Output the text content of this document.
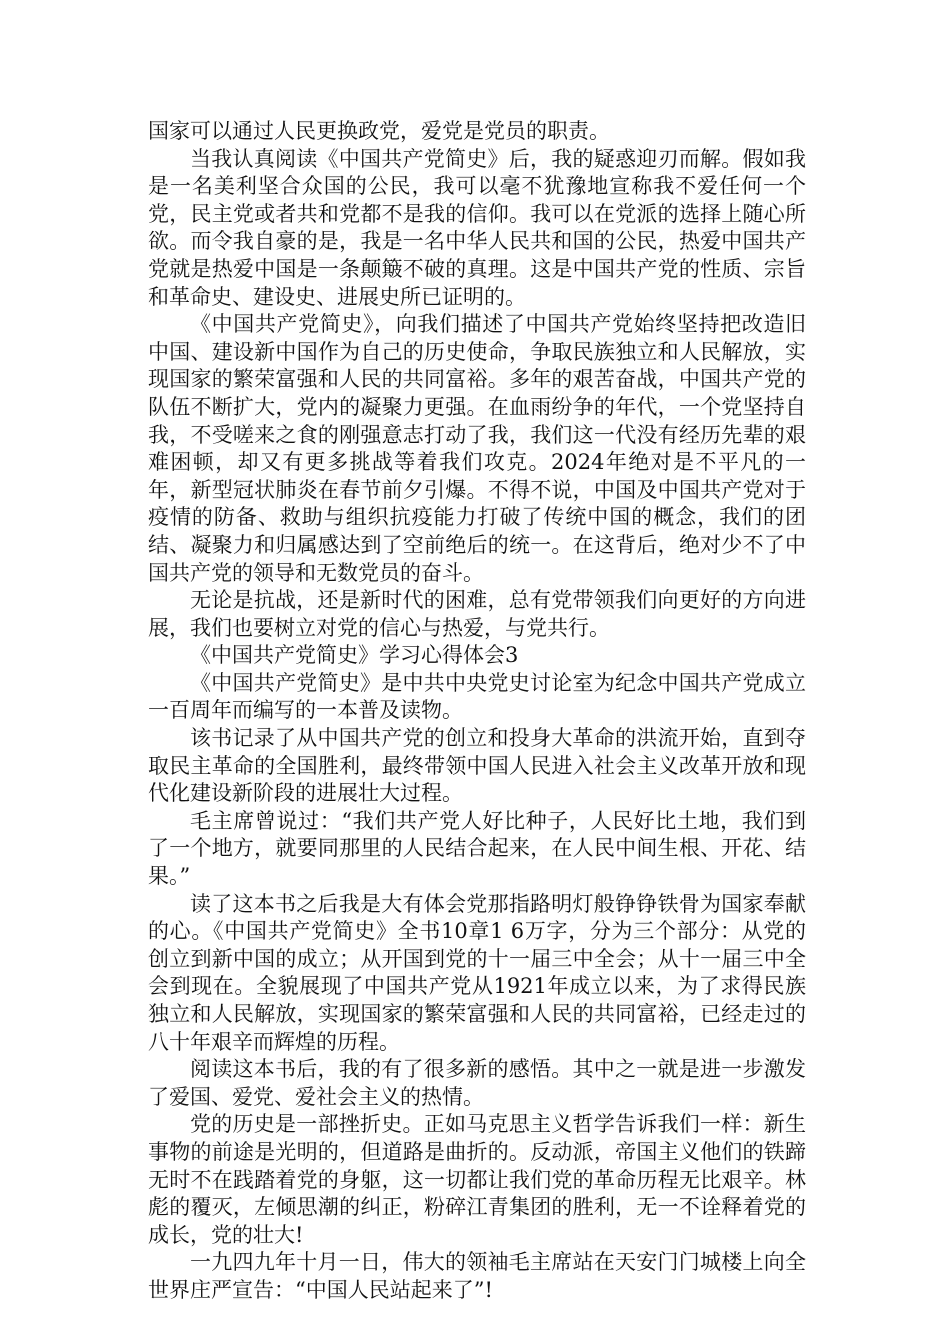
国家可以通过人民更换政党，爱党是党员的职责。

当我认真阅读《中国共产党简史》后，我的疑惑迎刃而解。假如我是一名美利坚合众国的公民，我可以毫不犹豫地宣称我不爱任何一个党，民主党或者共和党都不是我的信仰。我可以在党派的选择上随心所欲。而令我自豪的是，我是一名中华人民共和国的公民，热爱中国共产党就是热爱中国是一条颠簸不破的真理。这是中国共产党的性质、宗旨和革命史、建设史、进展史所已证明的。

《中国共产党简史》，向我们描述了中国共产党始终坚持把改造旧中国、建设新中国作为自己的历史使命，争取民族独立和人民解放，实现国家的繁荣富强和人民的共同富裕。多年的艰苦奋战，中国共产党的队伍不断扩大，党内的凝聚力更强。在血雨纷争的年代，一个党坚持自我，不受嗟来之食的刚强意志打动了我，我们这一代没有经历先辈的艰难困顿，却又有更多挑战等着我们攻克。2024年绝对是不平凡的一年，新型冠状肺炎在春节前夕引爆。不得不说，中国及中国共产党对于疫情的防备、救助与组织抗疫能力打破了传统中国的概念，我们的团结、凝聚力和归属感达到了空前绝后的统一。在这背后，绝对少不了中国共产党的领导和无数党员的奋斗。

无论是抗战，还是新时代的困难，总有党带领我们向更好的方向进展，我们也要树立对党的信心与热爱，与党共行。

《中国共产党简史》学习心得体会3

《中国共产党简史》是中共中央党史讨论室为纪念中国共产党成立一百周年而编写的一本普及读物。

该书记录了从中国共产党的创立和投身大革命的洪流开始，直到夺取民主革命的全国胜利，最终带领中国人民进入社会主义改革开放和现代化建设新阶段的进展壮大过程。

毛主席曾说过：“我们共产党人好比种子，人民好比土地，我们到了一个地方，就要同那里的人民结合起来，在人民中间生根、开花、结果。”

读了这本书之后我是大有体会党那指路明灯般铮铮铁骨为国家奉献的心。《中国共产党简史》全书10章1 6万字，分为三个部分：从党的创立到新中国的成立；从开国到党的十一届三中全会；从十一届三中全会到现在。全貌展现了中国共产党从1921年成立以来，为了求得民族独立和人民解放，实现国家的繁荣富强和人民的共同富裕，已经走过的八十年艰辛而辉煌的历程。

阅读这本书后，我的有了很多新的感悟。其中之一就是进一步激发了爱国、爱党、爱社会主义的热情。

党的历史是一部挫折史。正如马克思主义哲学告诉我们一样：新生事物的前途是光明的，但道路是曲折的。反动派，帝国主义他们的铁蹄无时不在践踏着党的身躯，这一切都让我们党的革命历程无比艰辛。林彪的覆灭，左倾思潮的纠正，粉碎江青集团的胜利，无一不诠释着党的成长，党的壮大!

一九四九年十月一日，伟大的领袖毛主席站在天安门门城楼上向全世界庄严宣告：“中国人民站起来了”!
